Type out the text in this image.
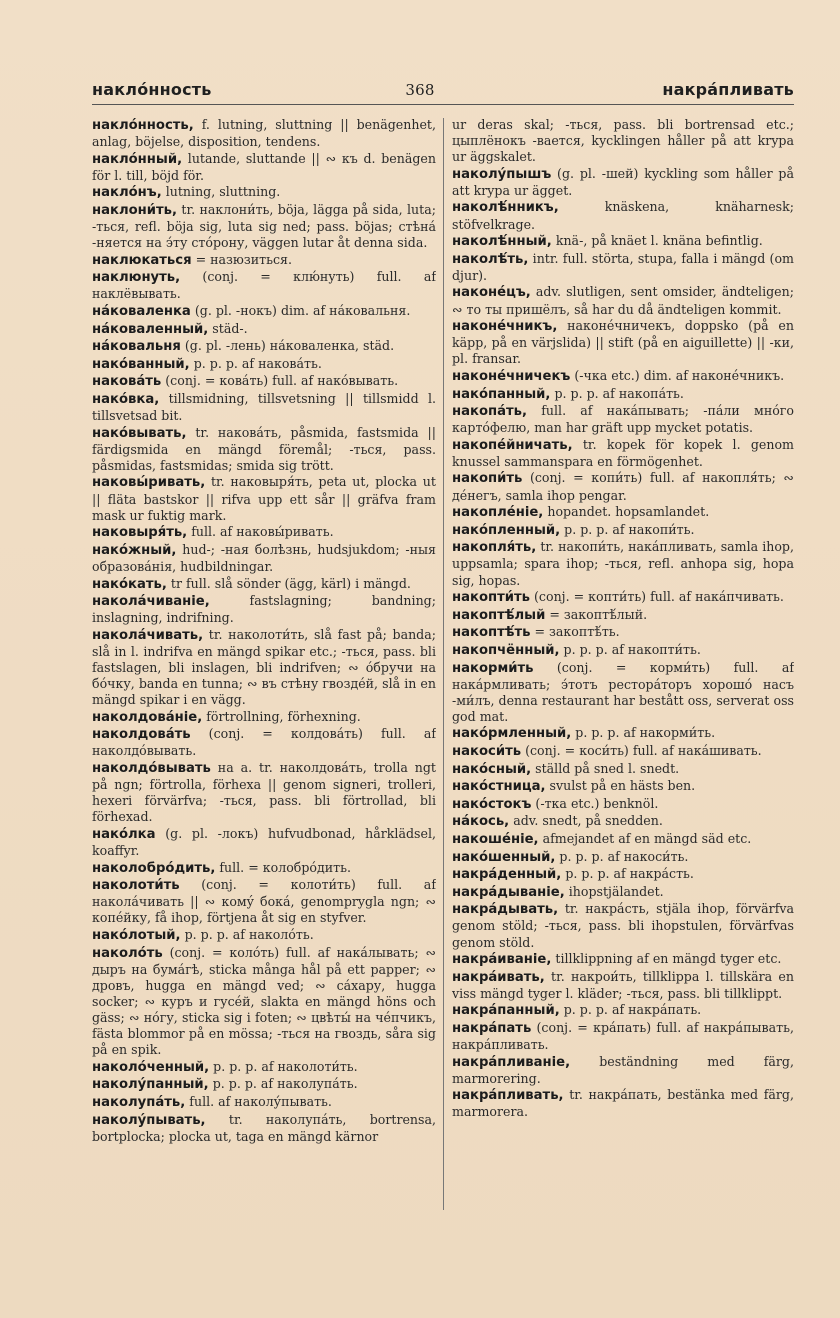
наклóнность	368	накрáпливать
наклóнность, f. lutning, sluttning || benägenhet, anlag, böjelse, disposition, tendens.
наклóнный, lutande, sluttande || ∾ къ d. benägen för l. till, böjd för.
наклóнъ, lutning, sluttning.
наклони́ть, tr. наклони́ть, böja, lägga på sida, luta; -ться, refl. böja sig, luta sig ned; pass. böjas; стѣнá -няется на э́ту стóрону, väggen lutar åt denna sida.
наклюкаться = назюзиться.
наклюнуть, (conj. = клю́нуть) full. af наклёвывать.
нáковаленка (g. pl. -нокъ) dim. af нáковальня.
нáковаленный, städ-.
нáковальня (g. pl. -лень) нáковаленка, städ.
накóванный, p. p. p. af наковáть.
наковáть (conj. = ковáть) full. af накóвывать.
накóвка, tillsmidning, tillsvetsning || tillsmidd l. tillsvetsad bit.
накóвывать, tr. наковáть, påsmida, fastsmida || färdigsmida en mängd föremål; -ться, pass. påsmidas, fastsmidas; smida sig trött.
наковы́ривать, tr. наковыря́ть, peta ut, plocka ut || fläta bastskor || rifva upp ett sår || gräfva fram mask ur fuktig mark.
наковыря́ть, full. af наковы́ривать.
накóжный, hud-; -ная болѣзнь, hudsjukdom; -ныя образовáнія, hudbildningar.
накóкать, tr full. slå sönder (ägg, kärl) i mängd.
наколáчиванiе,	fastslagning; bandning; inslagning, indrifning.
наколáчивать, tr. наколоти́ть, slå fast på; banda; slå in l. indrifva en mängd spikar etc.; -ться, pass. bli fastslagen, bli inslagen, bli indrifven; ∾ óбручи на бóчку, banda en tunna; ∾ въ стѣну гвоздéй, slå in en mängd spikar i en vägg.
наколдовáнiе, förtrollning, förhexning.
наколдовáть (conj. = колдовáть) full. af наколдóвывать.
наколдóвывать на a. tr. наколдовáть, trolla ngt på ngn; förtrolla, förhexa || genom signeri, trolleri, hexeri förvärfva; -ться, pass. bli förtrollad, bli förhexad.
накóлка (g. pl. -локъ) hufvudbonad, hårklädsel, koaffyr.
наколобрóдить, full. = колобрóдить.
наколоти́ть (conj. = колоти́ть) full. af наколáчивать || ∾ комý бокá, genomprygla ngn; ∾ копéйку, få ihop, förtjena åt sig en styfver.
накóлотый, p. p. p. af наколóть.
наколóть (conj. = колóть) full. af накáлывать; ∾ дыръ на бумáгѣ, sticka många hål på ett papper; ∾ дровъ, hugga en mängd ved; ∾ сáхару, hugga socker; ∾ куръ и гусéй, slakta en mängd höns och gäss; ∾ нóгу, sticka sig i foten; ∾ цвѣты́ на чéпчикъ, fästa blommor på en mössa; -ться на гвоздь, såra sig på en spik.
наколóченный, p. p. p. af наколоти́ть.
наколу́панный, p. p. p. af наколупáть.
наколупáть, full. af наколу́пывать.
наколу́пывать, tr. наколупáть, bortrensa, bortplocka; plocka ut, taga en mängd kärnor
ur deras skal; -ться, pass. bli bortrensad etc.; цыплёнокъ -вается, kycklingen håller på att krypa ur äggskalet.
наколу́пышъ (g. pl. -шей) kyckling som håller på att krypa ur ägget.
наколѣ́нникъ,	knäskena, knäharnesk; stöfvelkrage.
наколѣ́нный, knä-, på knäet l. knäna befintlig.
наколѣ́ть, intr. full. störta, stupa, falla i mängd (om djur).
наконéцъ, adv. slutligen, sent omsider, ändteligen; ∾ то ты пришёлъ, så har du då ändteligen kommit.
наконéчникъ, наконéчничекъ, doppsko (på en käpp, på en värjslida) || stift (på en aiguillette) || -ки, pl. fransar.
наконéчничекъ (-чка etc.) dim. af наконéчникъ.
накóпанный, p. p. p. af накопáть.
накопáть, full. af накáпывать; -пáли мнóго картóфелю, man har gräft upp mycket potatis.
накопéйничать, tr. kopek för kopek l. genom knussel sammanspara en förmögenhet.
накопи́ть (conj. = копи́ть) full. af накопля́ть; ∾ дéнегъ, samla ihop pengar.
накоплéнiе, hopandet. hopsamlandet.
накóпленный, p. p. p. af накопи́ть.
накопля́ть, tr. накопи́ть, накáпливать, samla ihop, uppsamla; spara ihop; -ться, refl. anhopa sig, hopa sig, hopas.
накопти́ть (conj. = копти́ть) full. af накáпчивать.
накоптѣ́лый = закоптѣ́лый.
накоптѣ́ть = закоптѣ́ть.
накопчённый, p. p. p. af накопти́ть.
накорми́ть (conj. = корми́ть) full. af накáрмливать; э́тотъ ресторáторъ хорошó насъ -ми́лъ, denna restaurant har bestått oss, serverat oss god mat.
накóрмленный, p. p. p. af накорми́ть.
накоси́ть (conj. = коси́ть) full. af накáшивать.
накóсный, ställd på sned l. snedt.
накóстница, svulst på en hästs ben.
накóстокъ (-тка etc.) benknöl.
нáкось, adv. snedt, på snedden.
накошéнiе, afmejandet af en mängd säd etc.
накóшенный, p. p. p. af накоси́ть.
накрáденный, p. p. p. af накрáсть.
накрáдыванiе, ihopstjälandet.
накрáдывать, tr. накрáсть, stjäla ihop, förvärfva genom stöld; -ться, pass. bli ihopstulen, förvärfvas genom stöld.
накрáиванiе, tillklippning af en mängd tyger etc.
накрáивать, tr. накрои́ть, tillklippa l. tillskära en viss mängd tyger l. kläder; -ться, pass. bli tillklippt.
накрáпанный, p. p. p. af накрáпать.
накрáпать (conj. = крáпать) full. af накрáпывать, накрáпливать.
накрáпливанiе, beständning med färg, marmorering.
накрáпливать, tr. накрáпать, bestänka med färg, marmorera.
